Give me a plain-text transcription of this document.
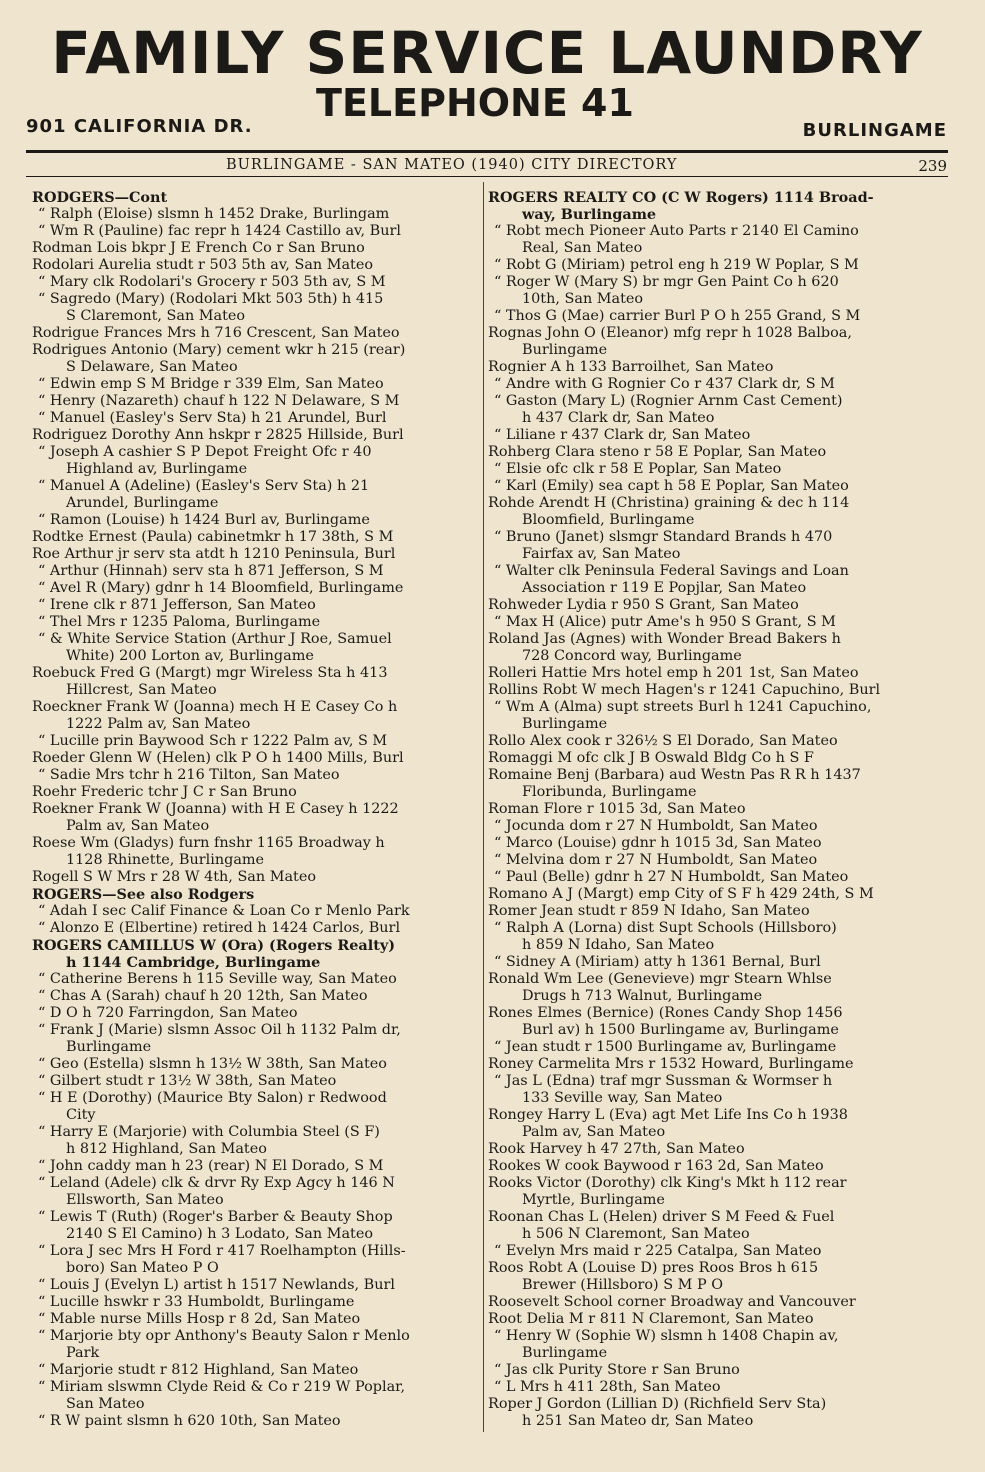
FAMILY SERVICE LAUNDRY
TELEPHONE 41
901 CALIFORNIA DR.	BURLINGAME
BURLINGAME - SAN MATEO (1940) CITY DIRECTORY	239
RODGERS—Cont
“ Ralph (Eloise) slsmn h 1452 Drake, Burlingam
“ Wm R (Pauline) fac repr h 1424 Castillo av, Burl
Rodman Lois bkpr J E French Co r San Bruno
Rodolari Aurelia studt r 503 5th av, San Mateo
“ Mary clk Rodolari's Grocery r 503 5th av, S M
“ Sagredo (Mary) (Rodolari Mkt 503 5th) h 415
S Claremont, San Mateo
Rodrigue Frances Mrs h 716 Crescent, San Mateo
Rodrigues Antonio (Mary) cement wkr h 215 (rear)
S Delaware, San Mateo
“ Edwin emp S M Bridge r 339 Elm, San Mateo
“ Henry (Nazareth) chauf h 122 N Delaware, S M
“ Manuel (Easley's Serv Sta) h 21 Arundel, Burl
Rodriguez Dorothy Ann hskpr r 2825 Hillside, Burl
“ Joseph A cashier S P Depot Freight Ofc r 40
Highland av, Burlingame
“ Manuel A (Adeline) (Easley's Serv Sta) h 21
Arundel, Burlingame
“ Ramon (Louise) h 1424 Burl av, Burlingame
Rodtke Ernest (Paula) cabinetmkr h 17 38th, S M
Roe Arthur jr serv sta atdt h 1210 Peninsula, Burl
“ Arthur (Hinnah) serv sta h 871 Jefferson, S M
“ Avel R (Mary) gdnr h 14 Bloomfield, Burlingame
“ Irene clk r 871 Jefferson, San Mateo
“ Thel Mrs r 1235 Paloma, Burlingame
“ & White Service Station (Arthur J Roe, Samuel
White) 200 Lorton av, Burlingame
Roebuck Fred G (Margt) mgr Wireless Sta h 413
Hillcrest, San Mateo
Roeckner Frank W (Joanna) mech H E Casey Co h
1222 Palm av, San Mateo
“ Lucille prin Baywood Sch r 1222 Palm av, S M
Roeder Glenn W (Helen) clk P O h 1400 Mills, Burl
“ Sadie Mrs tchr h 216 Tilton, San Mateo
Roehr Frederic tchr J C r San Bruno
Roekner Frank W (Joanna) with H E Casey h 1222
Palm av, San Mateo
Roese Wm (Gladys) furn fnshr 1165 Broadway h
1128 Rhinette, Burlingame
Rogell S W Mrs r 28 W 4th, San Mateo
ROGERS—See also Rodgers
“ Adah I sec Calif Finance & Loan Co r Menlo Park
“ Alonzo E (Elbertine) retired h 1424 Carlos, Burl
ROGERS CAMILLUS W (Ora) (Rogers Realty)
h 1144 Cambridge, Burlingame
“ Catherine Berens h 115 Seville way, San Mateo
“ Chas A (Sarah) chauf h 20 12th, San Mateo
“ D O h 720 Farringdon, San Mateo
“ Frank J (Marie) slsmn Assoc Oil h 1132 Palm dr,
Burlingame
“ Geo (Estella) slsmn h 13½ W 38th, San Mateo
“ Gilbert studt r 13½ W 38th, San Mateo
“ H E (Dorothy) (Maurice Bty Salon) r Redwood
City
“ Harry E (Marjorie) with Columbia Steel (S F)
h 812 Highland, San Mateo
“ John caddy man h 23 (rear) N El Dorado, S M
“ Leland (Adele) clk & drvr Ry Exp Agcy h 146 N
Ellsworth, San Mateo
“ Lewis T (Ruth) (Roger's Barber & Beauty Shop
2140 S El Camino) h 3 Lodato, San Mateo
“ Lora J sec Mrs H Ford r 417 Roelhampton (Hills-
boro) San Mateo P O
“ Louis J (Evelyn L) artist h 1517 Newlands, Burl
“ Lucille hswkr r 33 Humboldt, Burlingame
“ Mable nurse Mills Hosp r 8 2d, San Mateo
“ Marjorie bty opr Anthony's Beauty Salon r Menlo
Park
“ Marjorie studt r 812 Highland, San Mateo
“ Miriam slswmn Clyde Reid & Co r 219 W Poplar,
San Mateo
“ R W paint slsmn h 620 10th, San Mateo
ROGERS REALTY CO (C W Rogers) 1114 Broad-
way, Burlingame
“ Robt mech Pioneer Auto Parts r 2140 El Camino
Real, San Mateo
“ Robt G (Miriam) petrol eng h 219 W Poplar, S M
“ Roger W (Mary S) br mgr Gen Paint Co h 620
10th, San Mateo
“ Thos G (Mae) carrier Burl P O h 255 Grand, S M
Rognas John O (Eleanor) mfg repr h 1028 Balboa,
Burlingame
Rognier A h 133 Barroilhet, San Mateo
“ Andre with G Rognier Co r 437 Clark dr, S M
“ Gaston (Mary L) (Rognier Arnm Cast Cement)
h 437 Clark dr, San Mateo
“ Liliane r 437 Clark dr, San Mateo
Rohberg Clara steno r 58 E Poplar, San Mateo
“ Elsie ofc clk r 58 E Poplar, San Mateo
“ Karl (Emily) sea capt h 58 E Poplar, San Mateo
Rohde Arendt H (Christina) graining & dec h 114
Bloomfield, Burlingame
“ Bruno (Janet) slsmgr Standard Brands h 470
Fairfax av, San Mateo
“ Walter clk Peninsula Federal Savings and Loan
Association r 119 E Popjlar, San Mateo
Rohweder Lydia r 950 S Grant, San Mateo
“ Max H (Alice) putr Ame's h 950 S Grant, S M
Roland Jas (Agnes) with Wonder Bread Bakers h
728 Concord way, Burlingame
Rolleri Hattie Mrs hotel emp h 201 1st, San Mateo
Rollins Robt W mech Hagen's r 1241 Capuchino, Burl
“ Wm A (Alma) supt streets Burl h 1241 Capuchino,
Burlingame
Rollo Alex cook r 326½ S El Dorado, San Mateo
Romaggi M ofc clk J B Oswald Bldg Co h S F
Romaine Benj (Barbara) aud Westn Pas R R h 1437
Floribunda, Burlingame
Roman Flore r 1015 3d, San Mateo
“ Jocunda dom r 27 N Humboldt, San Mateo
“ Marco (Louise) gdnr h 1015 3d, San Mateo
“ Melvina dom r 27 N Humboldt, San Mateo
“ Paul (Belle) gdnr h 27 N Humboldt, San Mateo
Romano A J (Margt) emp City of S F h 429 24th, S M
Romer Jean studt r 859 N Idaho, San Mateo
“ Ralph A (Lorna) dist Supt Schools (Hillsboro)
h 859 N Idaho, San Mateo
“ Sidney A (Miriam) atty h 1361 Bernal, Burl
Ronald Wm Lee (Genevieve) mgr Stearn Whlse
Drugs h 713 Walnut, Burlingame
Rones Elmes (Bernice) (Rones Candy Shop 1456
Burl av) h 1500 Burlingame av, Burlingame
“ Jean studt r 1500 Burlingame av, Burlingame
Roney Carmelita Mrs r 1532 Howard, Burlingame
“ Jas L (Edna) traf mgr Sussman & Wormser h
133 Seville way, San Mateo
Rongey Harry L (Eva) agt Met Life Ins Co h 1938
Palm av, San Mateo
Rook Harvey h 47 27th, San Mateo
Rookes W cook Baywood r 163 2d, San Mateo
Rooks Victor (Dorothy) clk King's Mkt h 112 rear
Myrtle, Burlingame
Roonan Chas L (Helen) driver S M Feed & Fuel
h 506 N Claremont, San Mateo
“ Evelyn Mrs maid r 225 Catalpa, San Mateo
Roos Robt A (Louise D) pres Roos Bros h 615
Brewer (Hillsboro) S M P O
Roosevelt School corner Broadway and Vancouver
Root Delia M r 811 N Claremont, San Mateo
“ Henry W (Sophie W) slsmn h 1408 Chapin av,
Burlingame
“ Jas clk Purity Store r San Bruno
“ L Mrs h 411 28th, San Mateo
Roper J Gordon (Lillian D) (Richfield Serv Sta)
h 251 San Mateo dr, San Mateo
